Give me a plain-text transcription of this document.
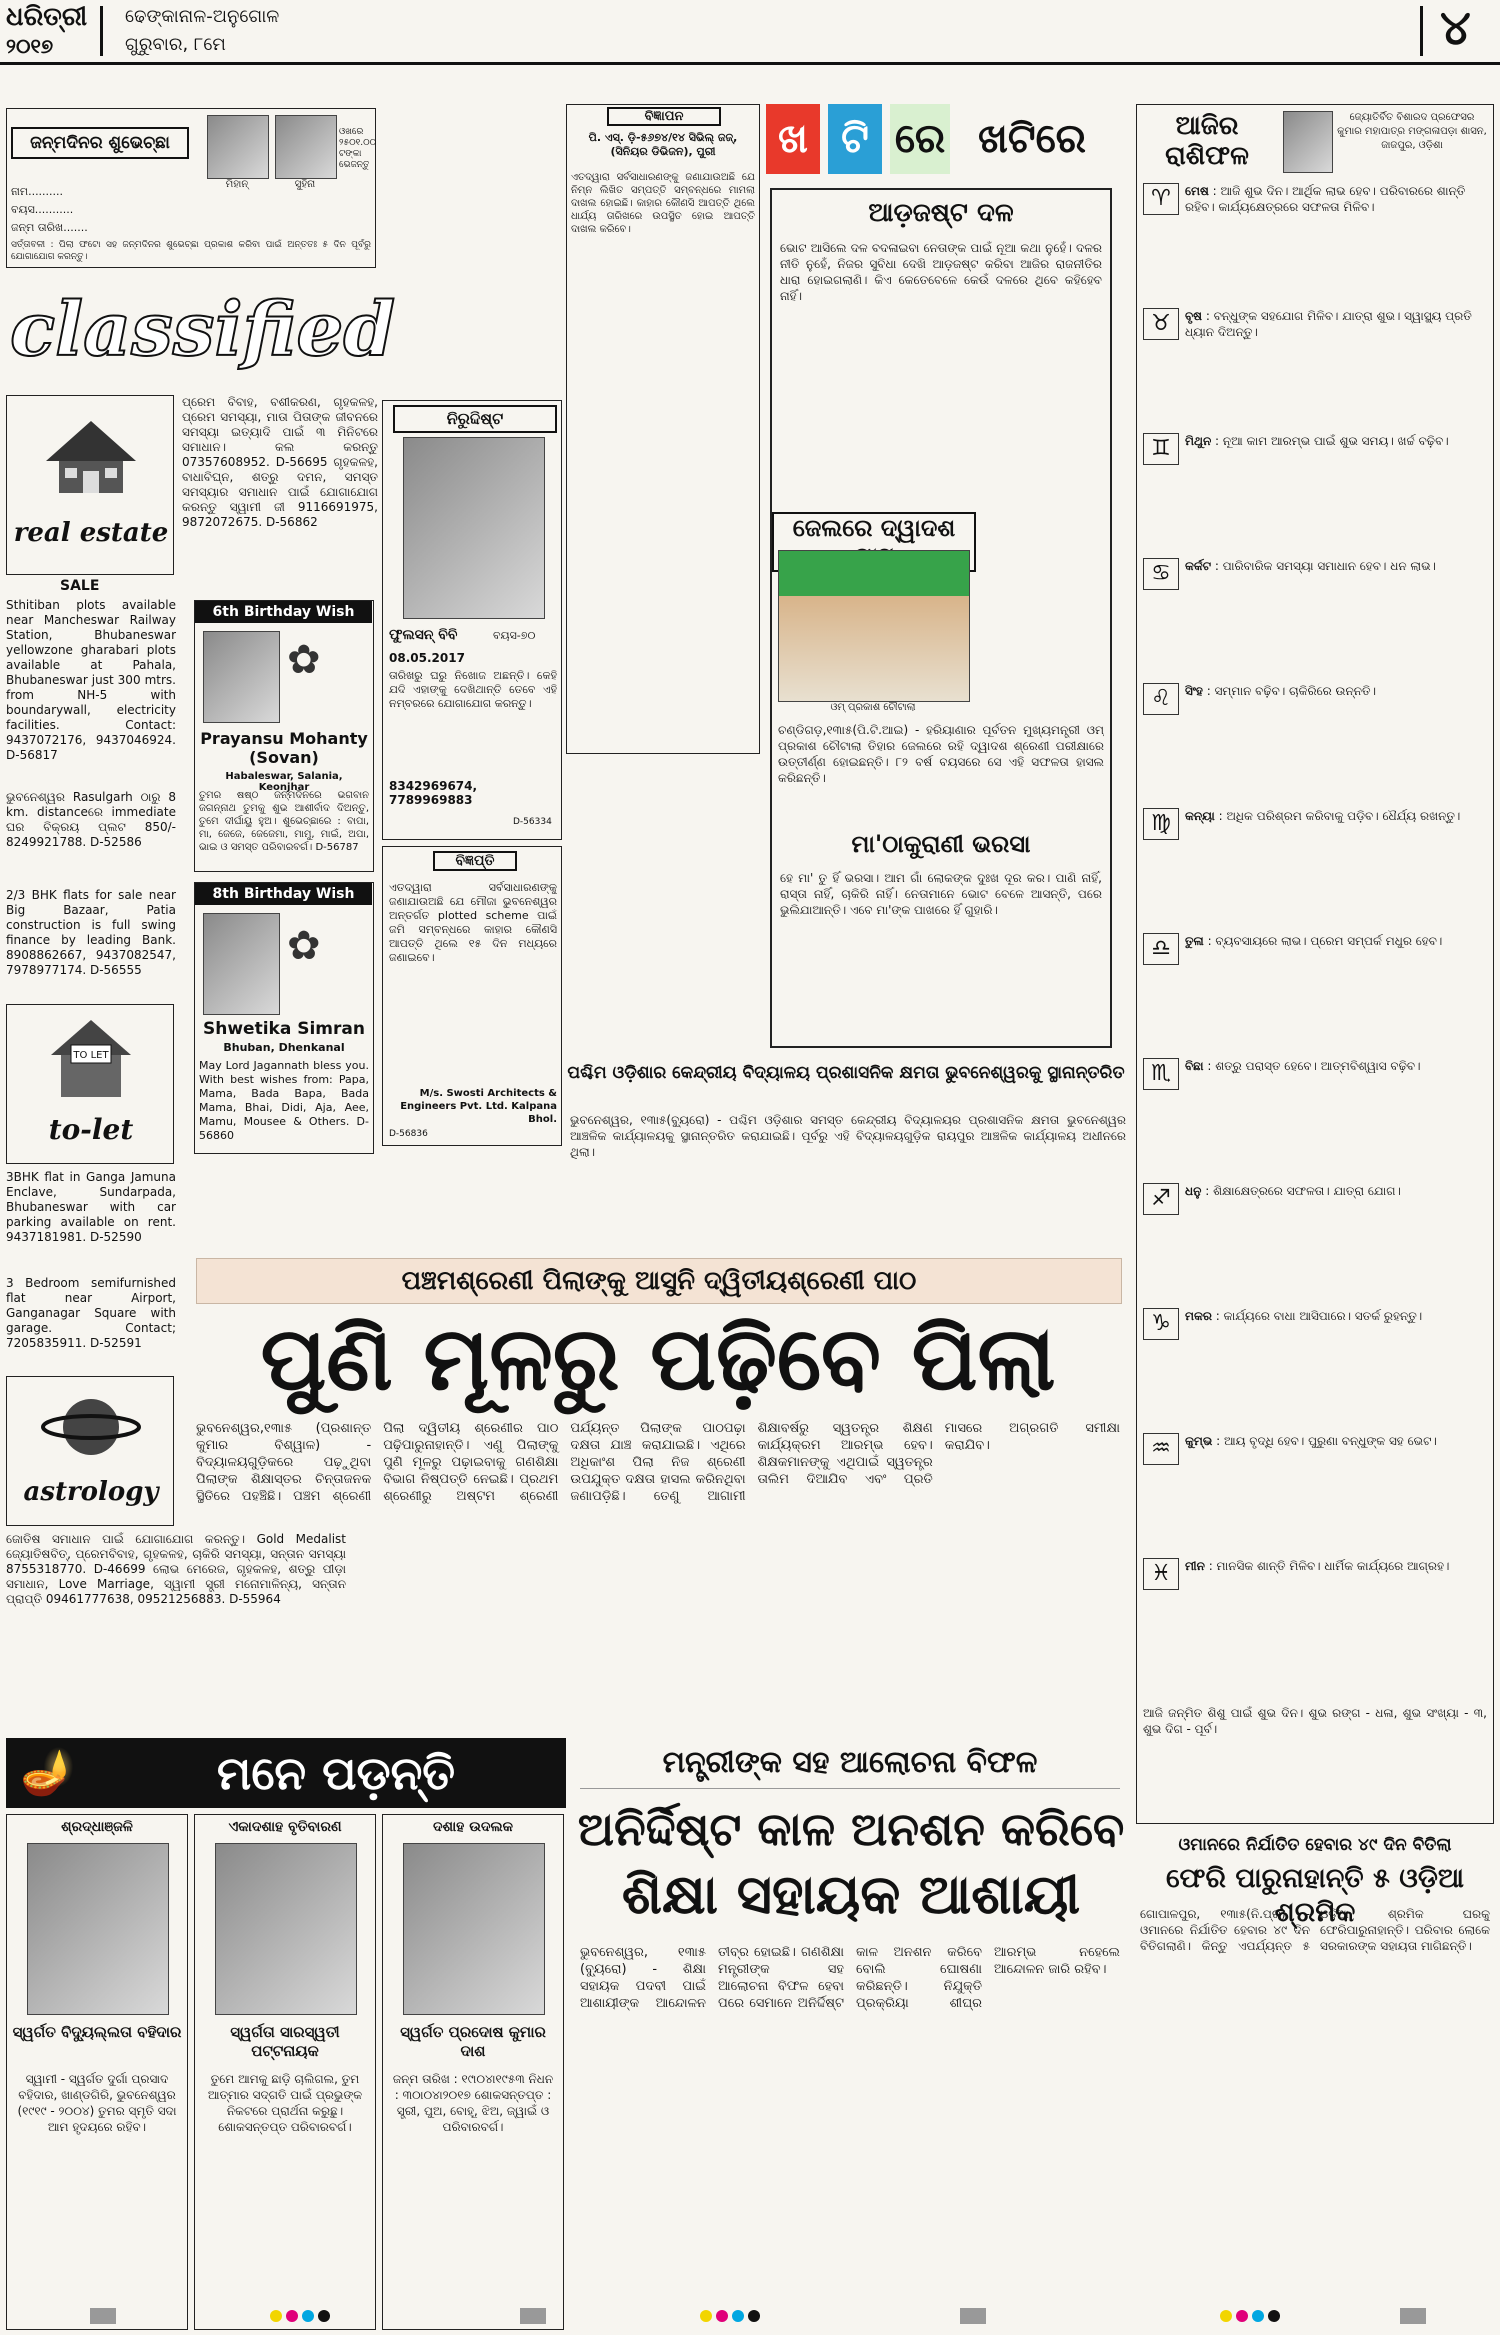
ଧରିତ୍ରୀ
୨୦୧୭
ଢେଙ୍କାନାଳ-ଅନୁଗୋଳ
ଗୁରୁବାର, ୮ମେ	୪
ଜନ୍ମଦିନର ଶୁଭେଚ୍ଛା
ମିହାନ୍	ସୁହିନା
ଓଖରେ ୨୫୦୧.୦୦ ଟଙ୍କା ଭେଜନ୍ତୁ
ନାମ..........
ବୟସ...........
ଜନ୍ମ ତାରିଖ.......
ସର୍ତ୍ତାବଳୀ : ପିଲା ଫଟୋ ସହ ଜନ୍ମଦିନର ଶୁଭେଚ୍ଛା ପ୍ରକାଶ କରିବା ପାଇଁ ଅନ୍ତତଃ ୫ ଦିନ ପୂର୍ବରୁ ଯୋଗାଯୋଗ କରନ୍ତୁ।
classified
real estate
SALE
Sthitiban plots available near Mancheswar Railway Station, Bhubaneswar yellowzone gharabari plots available at Pahala, Bhubaneswar just 300 mtrs. from NH-5 with boundarywall, electricity facilities. Contact: 9437072176, 9437046924. D-56817
ଭୁବନେଶ୍ୱର Rasulgarh ଠାରୁ 8 km. distanceରେ immediate ଘର ବିକ୍ରୟ ପ୍ଲଟ 850/- 8249921788. D-52586
2/3 BHK flats for sale near Big Bazaar, Patia construction is full swing finance by leading Bank. 8908862667, 9437082547, 7978977174. D-56555
TO LET
to-let
3BHK flat in Ganga Jamuna Enclave, Sundarpada, Bhubaneswar with car parking available on rent. 9437181981. D-52590
3 Bedroom semifurnished flat near Airport, Ganganagar Square with garage. Contact; 7205835911. D-52591
astrology
ଜୋତିଷ ସମାଧାନ ପାଇଁ ଯୋଗାଯୋଗ କରନ୍ତୁ। Gold Medalist ଜ୍ୟୋତିଷବିତ୍, ପ୍ରେମବିବାହ, ଗୃହକଳହ, ଚାକିରି ସମସ୍ୟା, ସନ୍ତାନ ସମସ୍ୟା 8755318770. D-46699 ଲୋଭ ମେରେଜ, ଗୃହକଳହ, ଶତ୍ରୁ ପୀଡ଼ା ସମାଧାନ, Love Marriage, ସ୍ୱାମୀ ସ୍ତ୍ରୀ ମନୋମାଳିନ୍ୟ, ସନ୍ତାନ ପ୍ରାପ୍ତି 09461777638, 09521256883. D-55964
ପ୍ରେମ ବିବାହ, ବଶୀକରଣ, ଗୃହକଳହ, ପ୍ରେମ ସମସ୍ୟା, ମାତା ପିତାଙ୍କ ଜୀବନରେ ସମସ୍ୟା ଇତ୍ୟାଦି ପାଇଁ ୩ ମିନିଟରେ ସମାଧାନ। କଲ କରନ୍ତୁ 07357608952. D-56695 ଗୃହକଳହ, ବାଧାବିଘ୍ନ, ଶତ୍ରୁ ଦମନ, ସମସ୍ତ ସମସ୍ୟାର ସମାଧାନ ପାଇଁ ଯୋଗାଯୋଗ କରନ୍ତୁ ସ୍ୱାମୀ ଜୀ 9116691975, 9872072675. D-56862
6th Birthday Wish
✿
Prayansu Mohanty (Sovan)
Habaleswar, Salania, Keonjhar
ତୁମର ଷଷ୍ଠ ଜନ୍ମଦିନରେ ଭଗବାନ ଜଗନ୍ନାଥ ତୁମକୁ ଶୁଭ ଆଶୀର୍ବାଦ ଦିଅନ୍ତୁ, ତୁମେ ଦୀର୍ଘାୟୁ ହୁଅ। ଶୁଭେଚ୍ଛାରେ : ବାପା, ମା, ଜେଜେ, ଜେଜେମା, ମାମୁ, ମାଇଁ, ଅପା, ଭାଇ ଓ ସମସ୍ତ ପରିବାରବର୍ଗ। D-56787
8th Birthday Wish
✿
Shwetika Simran
Bhuban, Dhenkanal
May Lord Jagannath bless you. With best wishes from: Papa, Mama, Bada Bapa, Bada Mama, Bhai, Didi, Aja, Aee, Mamu, Mousee & Others. D-56860
ନିରୁଦ୍ଦିଷ୍ଟ
ଫୁଲସନ୍ ବିବି	ବୟସ-୭୦
08.05.2017
ତାରିଖରୁ ଘରୁ ନିଖୋଜ ଅଛନ୍ତି। କେହି ଯଦି ଏହାଙ୍କୁ ଦେଖିଥାନ୍ତି ତେବେ ଏହି ନମ୍ବରରେ ଯୋଗାଯୋଗ କରନ୍ତୁ।
8342969674, 7789969883
D-56334
ବିଜ୍ଞପ୍ତି
ଏତଦ୍ୱାରା ସର୍ବସାଧାରଣଙ୍କୁ ଜଣାଯାଉଅଛି ଯେ ମୌଜା ଭୁବନେଶ୍ୱର ଅନ୍ତର୍ଗତ plotted scheme ପାଇଁ ଜମି ସମ୍ବନ୍ଧରେ କାହାର କୌଣସି ଆପତ୍ତି ଥିଲେ ୧୫ ଦିନ ମଧ୍ୟରେ ଜଣାଇବେ।
M/s. Swosti Architects & Engineers Pvt. Ltd. Kalpana Bhol.
D-56836
ବିଜ୍ଞାପନ
ପି. ଏସ୍. ଡ଼ି-୫୬୭୪/୧୪ ସିଭିଲ୍ ଜଜ୍, (ସିନିୟର ଡିଭିଜନ), ପୁରୀ
ଏତଦ୍ୱାରା ସର୍ବସାଧାରଣଙ୍କୁ ଜଣାଯାଉଅଛି ଯେ ନିମ୍ନ ଲିଖିତ ସମ୍ପତ୍ତି ସମ୍ବନ୍ଧରେ ମାମଲା ଦାଖଲ ହୋଇଛି। କାହାର କୌଣସି ଆପତ୍ତି ଥିଲେ ଧାର୍ଯ୍ୟ ତାରିଖରେ ଉପସ୍ଥିତ ହୋଇ ଆପତ୍ତି ଦାଖଲ କରିବେ।
ଖ ଟି ରେ ଖଟିରେ
ଆଡ଼ଜଷ୍ଟ ଦଳ
ଭୋଟ ଆସିଲେ ଦଳ ବଦଳାଇବା ନେତାଙ୍କ ପାଇଁ ନୂଆ କଥା ନୁହେଁ। ଦଳର ନୀତି ନୁହେଁ, ନିଜର ସୁବିଧା ଦେଖି ଆଡ଼ଜଷ୍ଟ କରିବା ଆଜିର ରାଜନୀତିର ଧାରା ହୋଇଗଲାଣି। କିଏ କେତେବେଳେ କେଉଁ ଦଳରେ ଥିବେ କହିହେବ ନାହିଁ।
ଜେଲରେ ଦ୍ୱାଦଶ
ଓମ୍ ପ୍ରକାଶ ଚୌଟାଲା
ଚଣ୍ଡିଗଡ଼,୧୩ା୫(ପି.ଟି.ଆଇ) - ହରିୟାଣାର ପୂର୍ବତନ ମୁଖ୍ୟମନ୍ତ୍ରୀ ଓମ୍ ପ୍ରକାଶ ଚୌଟାଲା ତିହାର ଜେଲରେ ରହି ଦ୍ୱାଦଶ ଶ୍ରେଣୀ ପରୀକ୍ଷାରେ ଉତ୍ତୀର୍ଣ୍ଣ ହୋଇଛନ୍ତି। ୮୨ ବର୍ଷ ବୟସରେ ସେ ଏହି ସଫଳତା ହାସଲ କରିଛନ୍ତି।
ମା'ଠାକୁରାଣୀ ଭରସା
ହେ ମା' ତୁ ହିଁ ଭରସା। ଆମ ଗାଁ ଲୋକଙ୍କ ଦୁଃଖ ଦୂର କର। ପାଣି ନାହିଁ, ରାସ୍ତା ନାହିଁ, ଚାକିରି ନାହିଁ। ନେତାମାନେ ଭୋଟ ବେଳେ ଆସନ୍ତି, ପରେ ଭୁଲିଯାଆନ୍ତି। ଏବେ ମା'ଙ୍କ ପାଖରେ ହିଁ ଗୁହାରି।
ପଶ୍ଚିମ ଓଡ଼ିଶାର କେନ୍ଦ୍ରୀୟ ବିଦ୍ୟାଳୟ ପ୍ରଶାସନିକ କ୍ଷମତା ଭୁବନେଶ୍ୱରକୁ ସ୍ଥାନାନ୍ତରିତ
ଭୁବନେଶ୍ୱର, ୧୩ା୫(ବ୍ୟୁରୋ) - ପଶ୍ଚିମ ଓଡ଼ିଶାର ସମସ୍ତ କେନ୍ଦ୍ରୀୟ ବିଦ୍ୟାଳୟର ପ୍ରଶାସନିକ କ୍ଷମତା ଭୁବନେଶ୍ୱର ଆଞ୍ଚଳିକ କାର୍ଯ୍ୟାଳୟକୁ ସ୍ଥାନାନ୍ତରିତ କରାଯାଇଛି। ପୂର୍ବରୁ ଏହି ବିଦ୍ୟାଳୟଗୁଡ଼ିକ ରାୟପୁର ଆଞ୍ଚଳିକ କାର୍ଯ୍ୟାଳୟ ଅଧୀନରେ ଥିଲା।
ପଞ୍ଚମଶ୍ରେଣୀ ପିଲାଙ୍କୁ ଆସୁନି ଦ୍ୱିତୀୟଶ୍ରେଣୀ ପାଠ
ପୁଣି ମୂଳରୁ ପଢ଼ିବେ ପିଲା
ଭୁବନେଶ୍ୱର,୧୩ା୫ (ପ୍ରଶାନ୍ତ କୁମାର ବିଶ୍ୱାଳ) - ବିଦ୍ୟାଳୟଗୁଡ଼ିକରେ ପଢ଼ୁଥିବା ପିଲାଙ୍କ ଶିକ୍ଷାସ୍ତର ଚିନ୍ତାଜନକ ସ୍ଥିତିରେ ପହଞ୍ଚିଛି। ପଞ୍ଚମ ଶ୍ରେଣୀ ପିଲା ଦ୍ୱିତୀୟ ଶ୍ରେଣୀର ପାଠ ପଢ଼ିପାରୁନାହାନ୍ତି। ଏଣୁ ପିଲାଙ୍କୁ ପୁଣି ମୂଳରୁ ପଢ଼ାଇବାକୁ ଗଣଶିକ୍ଷା ବିଭାଗ ନିଷ୍ପତ୍ତି ନେଇଛି। ପ୍ରଥମ ଶ୍ରେଣୀରୁ ଅଷ୍ଟମ ଶ୍ରେଣୀ ପର୍ଯ୍ୟନ୍ତ ପିଲାଙ୍କ ପାଠପଢ଼ା ଦକ୍ଷତା ଯାଞ୍ଚ କରାଯାଇଛି। ଏଥିରେ ଅଧିକାଂଶ ପିଲା ନିଜ ଶ୍ରେଣୀ ଉପଯୁକ୍ତ ଦକ୍ଷତା ହାସଲ କରିନଥିବା ଜଣାପଡ଼ିଛି। ତେଣୁ ଆଗାମୀ ଶିକ୍ଷାବର୍ଷରୁ ସ୍ୱତନ୍ତ୍ର ଶିକ୍ଷଣ କାର୍ଯ୍ୟକ୍ରମ ଆରମ୍ଭ ହେବ। ଶିକ୍ଷକମାନଙ୍କୁ ଏଥିପାଇଁ ସ୍ୱତନ୍ତ୍ର ତାଲିମ ଦିଆଯିବ ଏବଂ ପ୍ରତି ମାସରେ ଅଗ୍ରଗତି ସମୀକ୍ଷା କରାଯିବ।
🪔	ମନେ ପଡ଼ନ୍ତି
ଶ୍ରଦ୍ଧାଞ୍ଜଳି
ସ୍ୱର୍ଗତ ବିଦ୍ୟୁଲ୍ଲତା ବହିଦାର
ସ୍ୱାମୀ - ସ୍ୱର୍ଗତ ଦୁର୍ଗା ପ୍ରସାଦ ବହିଦାର, ଖାଣ୍ଡଗିରି, ଭୁବନେଶ୍ୱର (୧୯୧୯ - ୨୦୦୪) ତୁମର ସ୍ମୃତି ସଦା ଆମ ହୃଦୟରେ ରହିବ।
ଏକାଦଶାହ ବୃତିବାରଣ
ସ୍ୱର୍ଗତା ସାରସ୍ୱତୀ ପଟ୍ଟନାୟକ
ତୁମେ ଆମକୁ ଛାଡ଼ି ଚାଲିଗଲ, ତୁମ ଆତ୍ମାର ସଦ୍‌ଗତି ପାଇଁ ପ୍ରଭୁଙ୍କ ନିକଟରେ ପ୍ରାର୍ଥନା କରୁଛୁ। ଶୋକସନ୍ତପ୍ତ ପରିବାରବର୍ଗ।
ଦଶାହ ଉଦଲକ
ସ୍ୱର୍ଗତ ପ୍ରଦୋଷ କୁମାର ଦାଶ
ଜନ୍ମ ତାରିଖ : ୧୯ା୦୪ା୧୯୫୩ ନିଧନ : ୩୦ା୦୪ା୨୦୧୭ ଶୋକସନ୍ତପ୍ତ : ସ୍ତ୍ରୀ, ପୁଅ, ବୋହୂ, ଝିଅ, ଜ୍ୱାଇଁ ଓ ପରିବାରବର୍ଗ।
ମନ୍ତ୍ରୀଙ୍କ ସହ ଆଲୋଚନା ବିଫଳ
ଅନିର୍ଦ୍ଦିଷ୍ଟ କାଳ ଅନଶନ କରିବେ
ଶିକ୍ଷା ସହାୟକ ଆଶାୟୀ
ଭୁବନେଶ୍ୱର, ୧୩ା୫ (ବ୍ୟୁରୋ) - ଶିକ୍ଷା ସହାୟକ ପଦବୀ ପାଇଁ ଆଶାୟୀଙ୍କ ଆନ୍ଦୋଳନ ତୀବ୍ର ହୋଇଛି। ଗଣଶିକ୍ଷା ମନ୍ତ୍ରୀଙ୍କ ସହ ଆଲୋଚନା ବିଫଳ ହେବା ପରେ ସେମାନେ ଅନିର୍ଦ୍ଦିଷ୍ଟ କାଳ ଅନଶନ କରିବେ ବୋଲି ଘୋଷଣା କରିଛନ୍ତି। ନିଯୁକ୍ତି ପ୍ରକ୍ରିୟା ଶୀଘ୍ର ଆରମ୍ଭ ନହେଲେ ଆନ୍ଦୋଳନ ଜାରି ରହିବ।
ଆଜିର ରାଶିଫଳ
ଜ୍ୟୋତିର୍ବିତ ବିଶାରଦ ପ୍ରଫେସର କୁମାର ମହାପାତ୍ର ମଙ୍ଗଳାପଡ଼ା ଶାସନ, ଜାଜପୁର, ଓଡ଼ିଶା
♈	ମେଷ : ଆଜି ଶୁଭ ଦିନ। ଆର୍ଥିକ ଲାଭ ହେବ। ପରିବାରରେ ଶାନ୍ତି ରହିବ। କାର୍ଯ୍ୟକ୍ଷେତ୍ରରେ ସଫଳତା ମିଳିବ।
♉	ବୃଷ : ବନ୍ଧୁଙ୍କ ସହଯୋଗ ମିଳିବ। ଯାତ୍ରା ଶୁଭ। ସ୍ୱାସ୍ଥ୍ୟ ପ୍ରତି ଧ୍ୟାନ ଦିଅନ୍ତୁ।
♊	ମିଥୁନ : ନୂଆ କାମ ଆରମ୍ଭ ପାଇଁ ଶୁଭ ସମୟ। ଖର୍ଚ୍ଚ ବଢ଼ିବ।
♋	କର୍କଟ : ପାରିବାରିକ ସମସ୍ୟା ସମାଧାନ ହେବ। ଧନ ଲାଭ।
♌	ସିଂହ : ସମ୍ମାନ ବଢ଼ିବ। ଚାକିରିରେ ଉନ୍ନତି।
♍	କନ୍ୟା : ଅଧିକ ପରିଶ୍ରମ କରିବାକୁ ପଡ଼ିବ। ଧୈର୍ଯ୍ୟ ରଖନ୍ତୁ।
♎	ତୁଳା : ବ୍ୟବସାୟରେ ଲାଭ। ପ୍ରେମ ସମ୍ପର୍କ ମଧୁର ହେବ।
♏	ବିଛା : ଶତ୍ରୁ ପରାସ୍ତ ହେବେ। ଆତ୍ମବିଶ୍ୱାସ ବଢ଼ିବ।
♐	ଧନୁ : ଶିକ୍ଷାକ୍ଷେତ୍ରରେ ସଫଳତା। ଯାତ୍ରା ଯୋଗ।
♑	ମକର : କାର୍ଯ୍ୟରେ ବାଧା ଆସିପାରେ। ସତର୍କ ରୁହନ୍ତୁ।
♒	କୁମ୍ଭ : ଆୟ ବୃଦ୍ଧି ହେବ। ପୁରୁଣା ବନ୍ଧୁଙ୍କ ସହ ଭେଟ।
♓	ମୀନ : ମାନସିକ ଶାନ୍ତି ମିଳିବ। ଧାର୍ମିକ କାର୍ଯ୍ୟରେ ଆଗ୍ରହ।
ଆଜି ଜନ୍ମିତ ଶିଶୁ ପାଇଁ ଶୁଭ ଦିନ। ଶୁଭ ରଙ୍ଗ - ଧଳା, ଶୁଭ ସଂଖ୍ୟା - ୩, ଶୁଭ ଦିଗ - ପୂର୍ବ।
ଓମାନରେ ନିର୍ଯାତିତ ହେବାର ୪୯ ଦିନ ବିତିଲା
ଫେରି ପାରୁନାହାନ୍ତି ୫ ଓଡ଼ିଆ ଶ୍ରମିକ
ଗୋପାଳପୁର, ୧୩ା୫(ନି.ପ୍ର) - ଓମାନରେ ନିର୍ଯାତିତ ହେବାର ୪୯ ଦିନ ବିତିଗଲାଣି। କିନ୍ତୁ ଏପର୍ଯ୍ୟନ୍ତ ୫ ଓଡ଼ିଆ ଶ୍ରମିକ ଘରକୁ ଫେରିପାରୁନାହାନ୍ତି। ପରିବାର ଲୋକେ ସରକାରଙ୍କ ସହାୟତା ମାଗିଛନ୍ତି।
